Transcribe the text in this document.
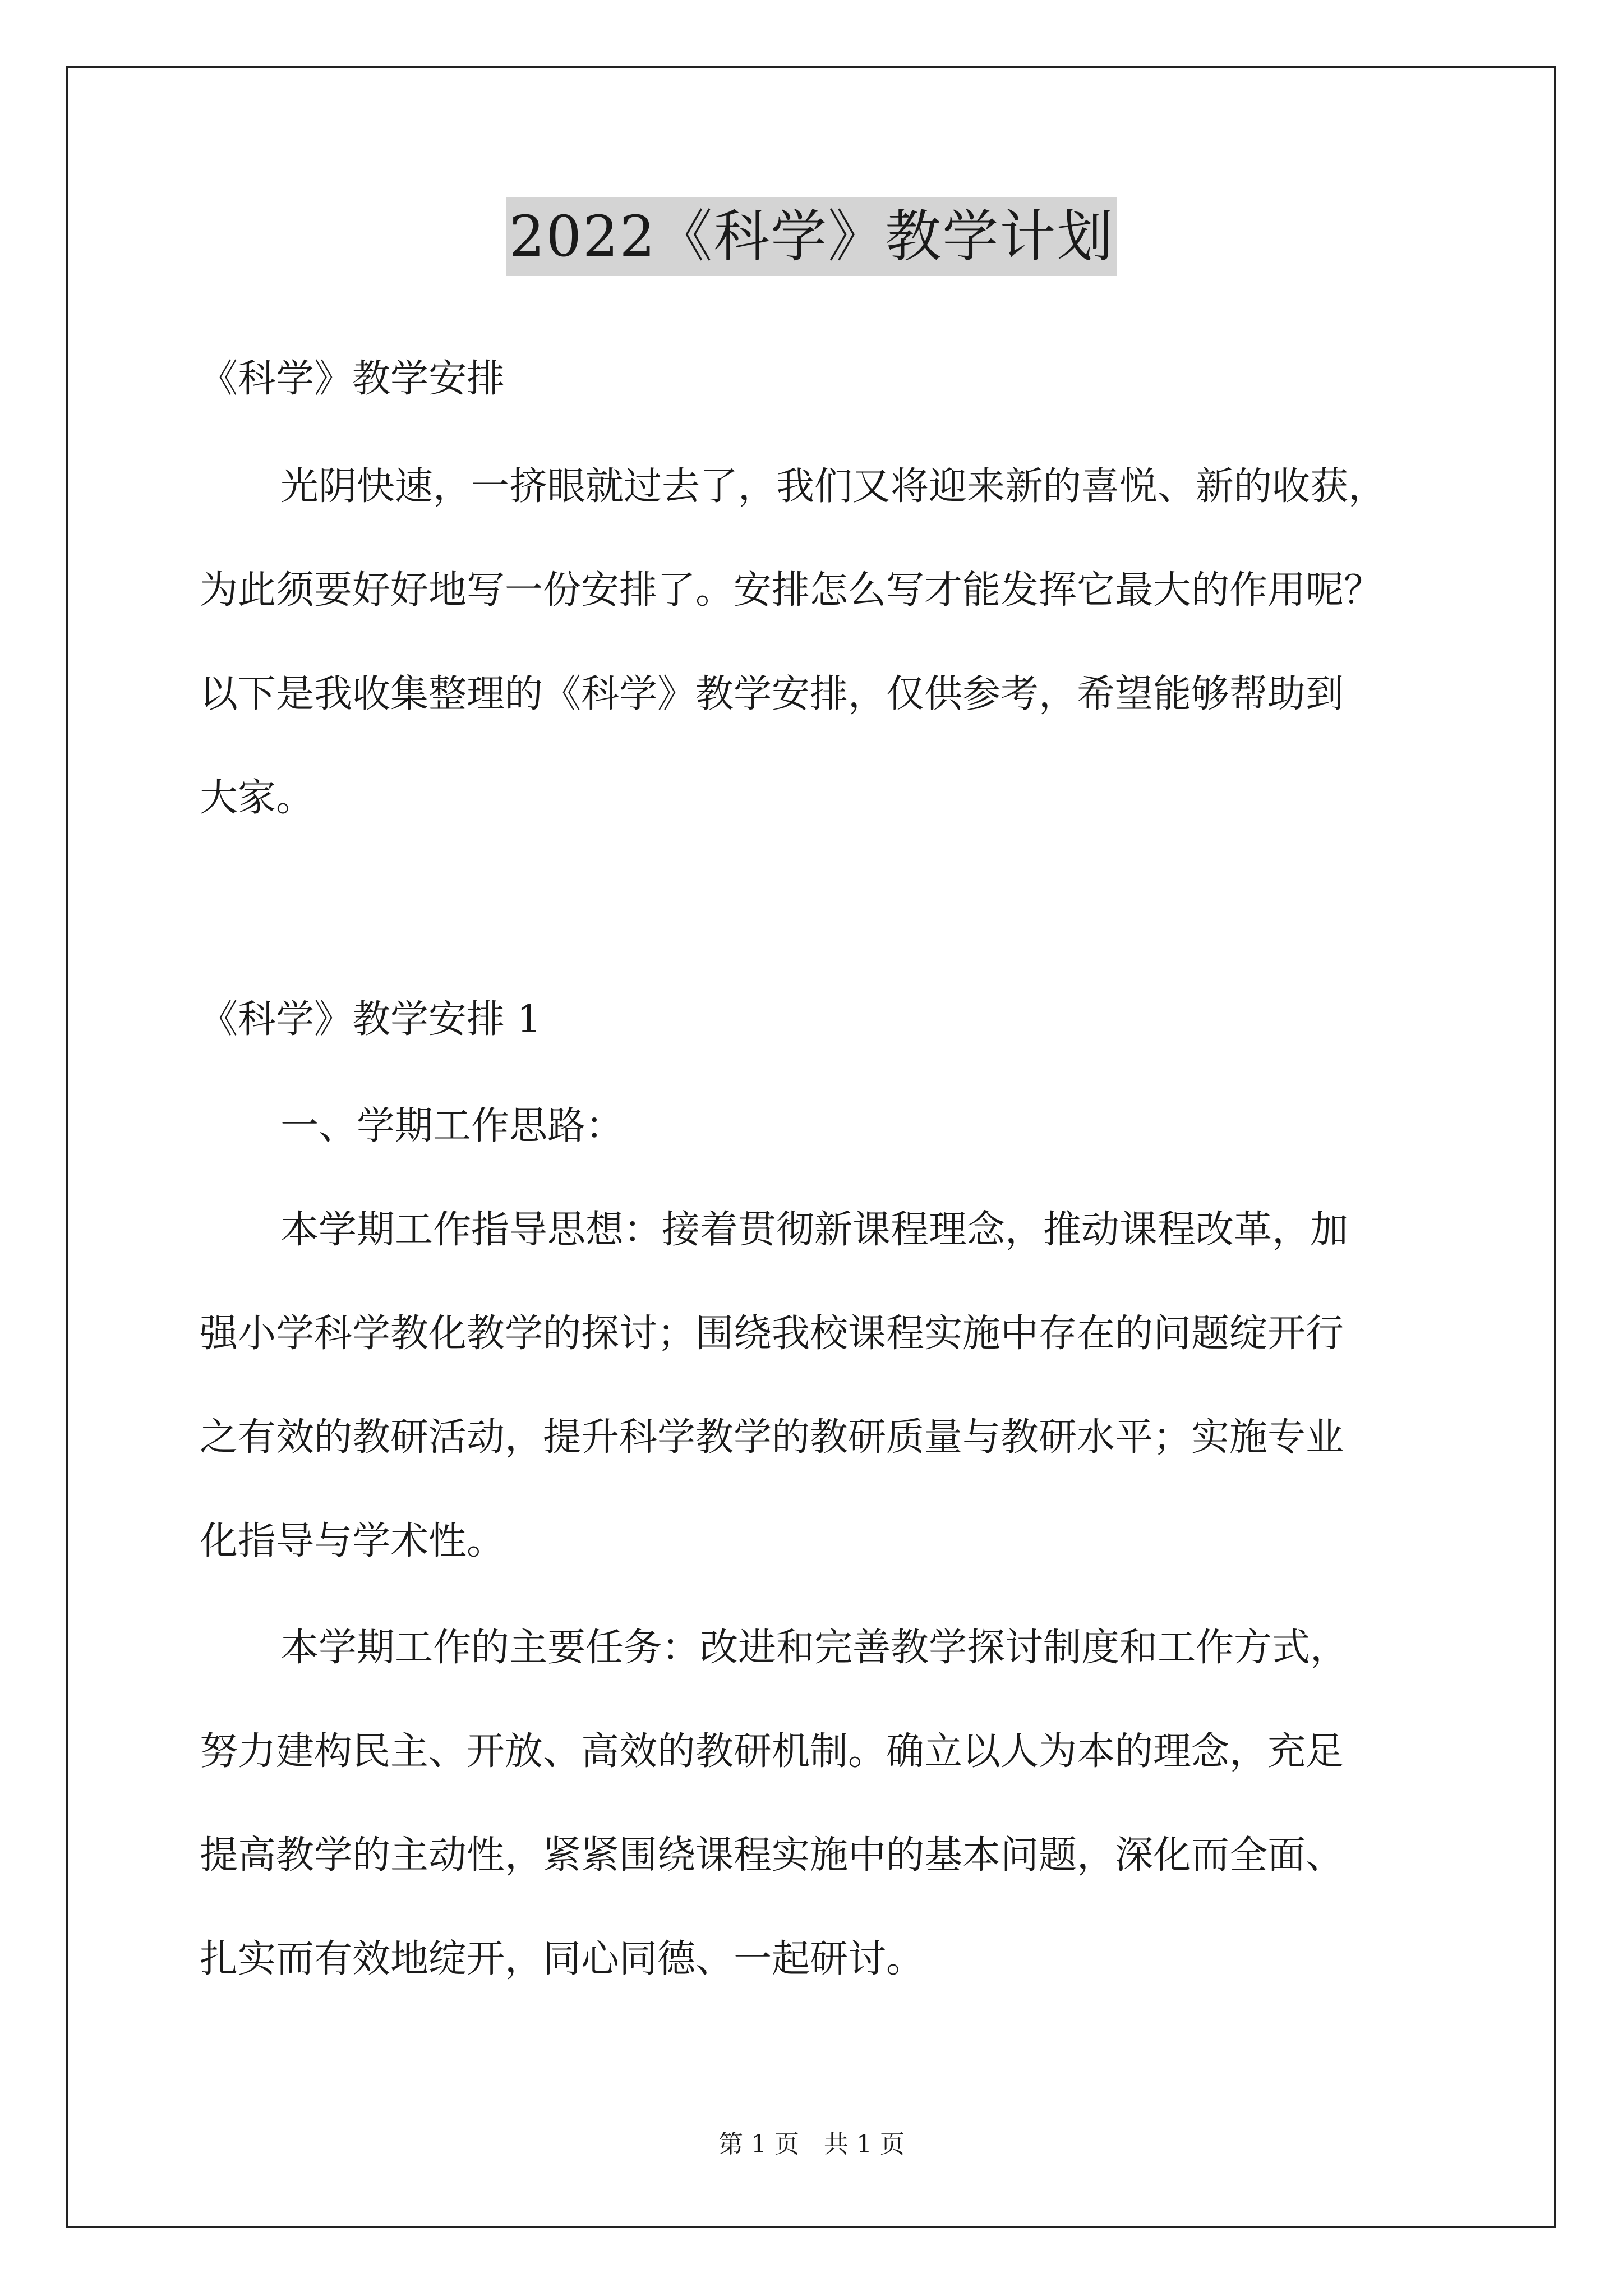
2022《科学》教学计划
《科学》教学安排
光阴快速，一挤眼就过去了，我们又将迎来新的喜悦、新的收获，
为此须要好好地写一份安排了。安排怎么写才能发挥它最大的作用呢？
以下是我收集整理的《科学》教学安排，仅供参考，希望能够帮助到
大家。
《科学》教学安排 1
一、学期工作思路：
本学期工作指导思想：接着贯彻新课程理念，推动课程改革，加
强小学科学教化教学的探讨；围绕我校课程实施中存在的问题绽开行
之有效的教研活动，提升科学教学的教研质量与教研水平；实施专业
化指导与学术性。
本学期工作的主要任务：改进和完善教学探讨制度和工作方式，
努力建构民主、开放、高效的教研机制。确立以人为本的理念，充足
提高教学的主动性，紧紧围绕课程实施中的基本问题，深化而全面、
扎实而有效地绽开，同心同德、一起研讨。
第 1 页　共 1 页
